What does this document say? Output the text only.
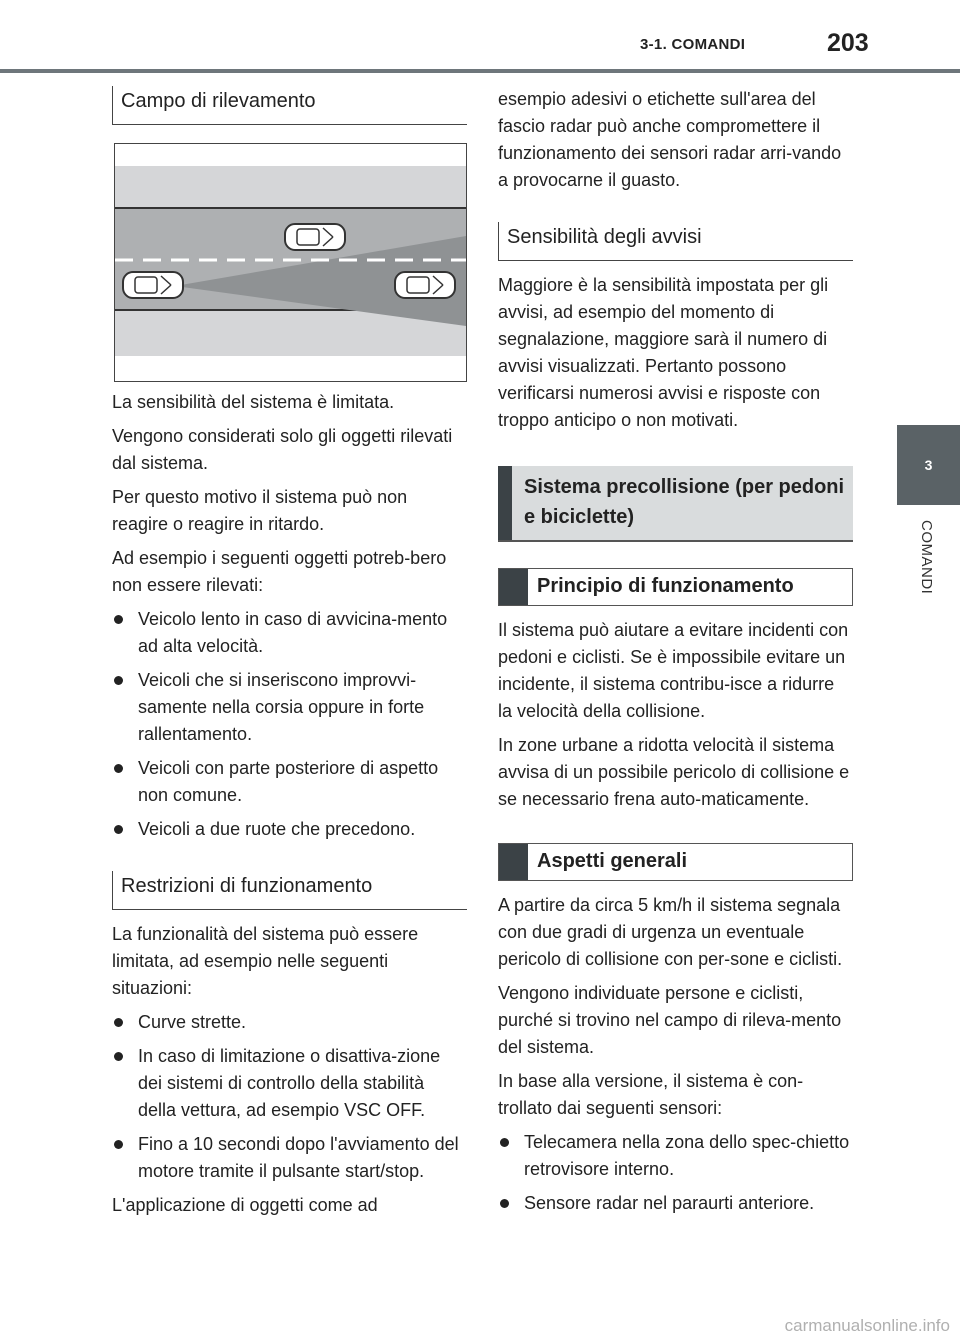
3-1. COMANDI	203
3
COMANDI
Campo di rilevamento

La sensibilità del sistema è limitata.

Vengono considerati solo gli oggetti rilevati dal sistema.

Per questo motivo il sistema può non reagire o reagire in ritardo.

Ad esempio i seguenti oggetti potreb-bero non essere rilevati:

Veicolo lento in caso di avvicina-mento ad alta velocità.
Veicoli che si inseriscono improvvi-samente nella corsia oppure in forte rallentamento.
Veicoli con parte posteriore di aspetto non comune.
Veicoli a due ruote che precedono.
Restrizioni di funzionamento

La funzionalità del sistema può essere limitata, ad esempio nelle seguenti situazioni:

Curve strette.
In caso di limitazione o disattiva-zione dei sistemi di controllo della stabilità della vettura, ad esempio VSC OFF.
Fino a 10 secondi dopo l'avviamento del motore tramite il pulsante start/stop.

L'applicazione di oggetti come ad

esempio adesivi o etichette sull'area del fascio radar può anche compromettere il funzionamento dei sensori radar arri-vando a provocarne il guasto.

Sensibilità degli avvisi

Maggiore è la sensibilità impostata per gli avvisi, ad esempio del momento di segnalazione, maggiore sarà il numero di avvisi visualizzati. Pertanto possono verificarsi numerosi avvisi e risposte con troppo anticipo o non motivati.

Sistema precollisione (per pedoni e biciclette)
Principio di funzionamento

Il sistema può aiutare a evitare incidenti con pedoni e ciclisti. Se è impossibile evitare un incidente, il sistema contribu-isce a ridurre la velocità della collisione.

In zone urbane a ridotta velocità il sistema avvisa di un possibile pericolo di collisione e se necessario frena auto-maticamente.

Aspetti generali

A partire da circa 5 km/h il sistema segnala con due gradi di urgenza un eventuale pericolo di collisione con per-sone e ciclisti.

Vengono individuate persone e ciclisti, purché si trovino nel campo di rileva-mento del sistema.

In base alla versione, il sistema è con-trollato dai seguenti sensori:

Telecamera nella zona dello spec-chietto retrovisore interno.
Sensore radar nel paraurti anteriore.
carmanualsonline.info
